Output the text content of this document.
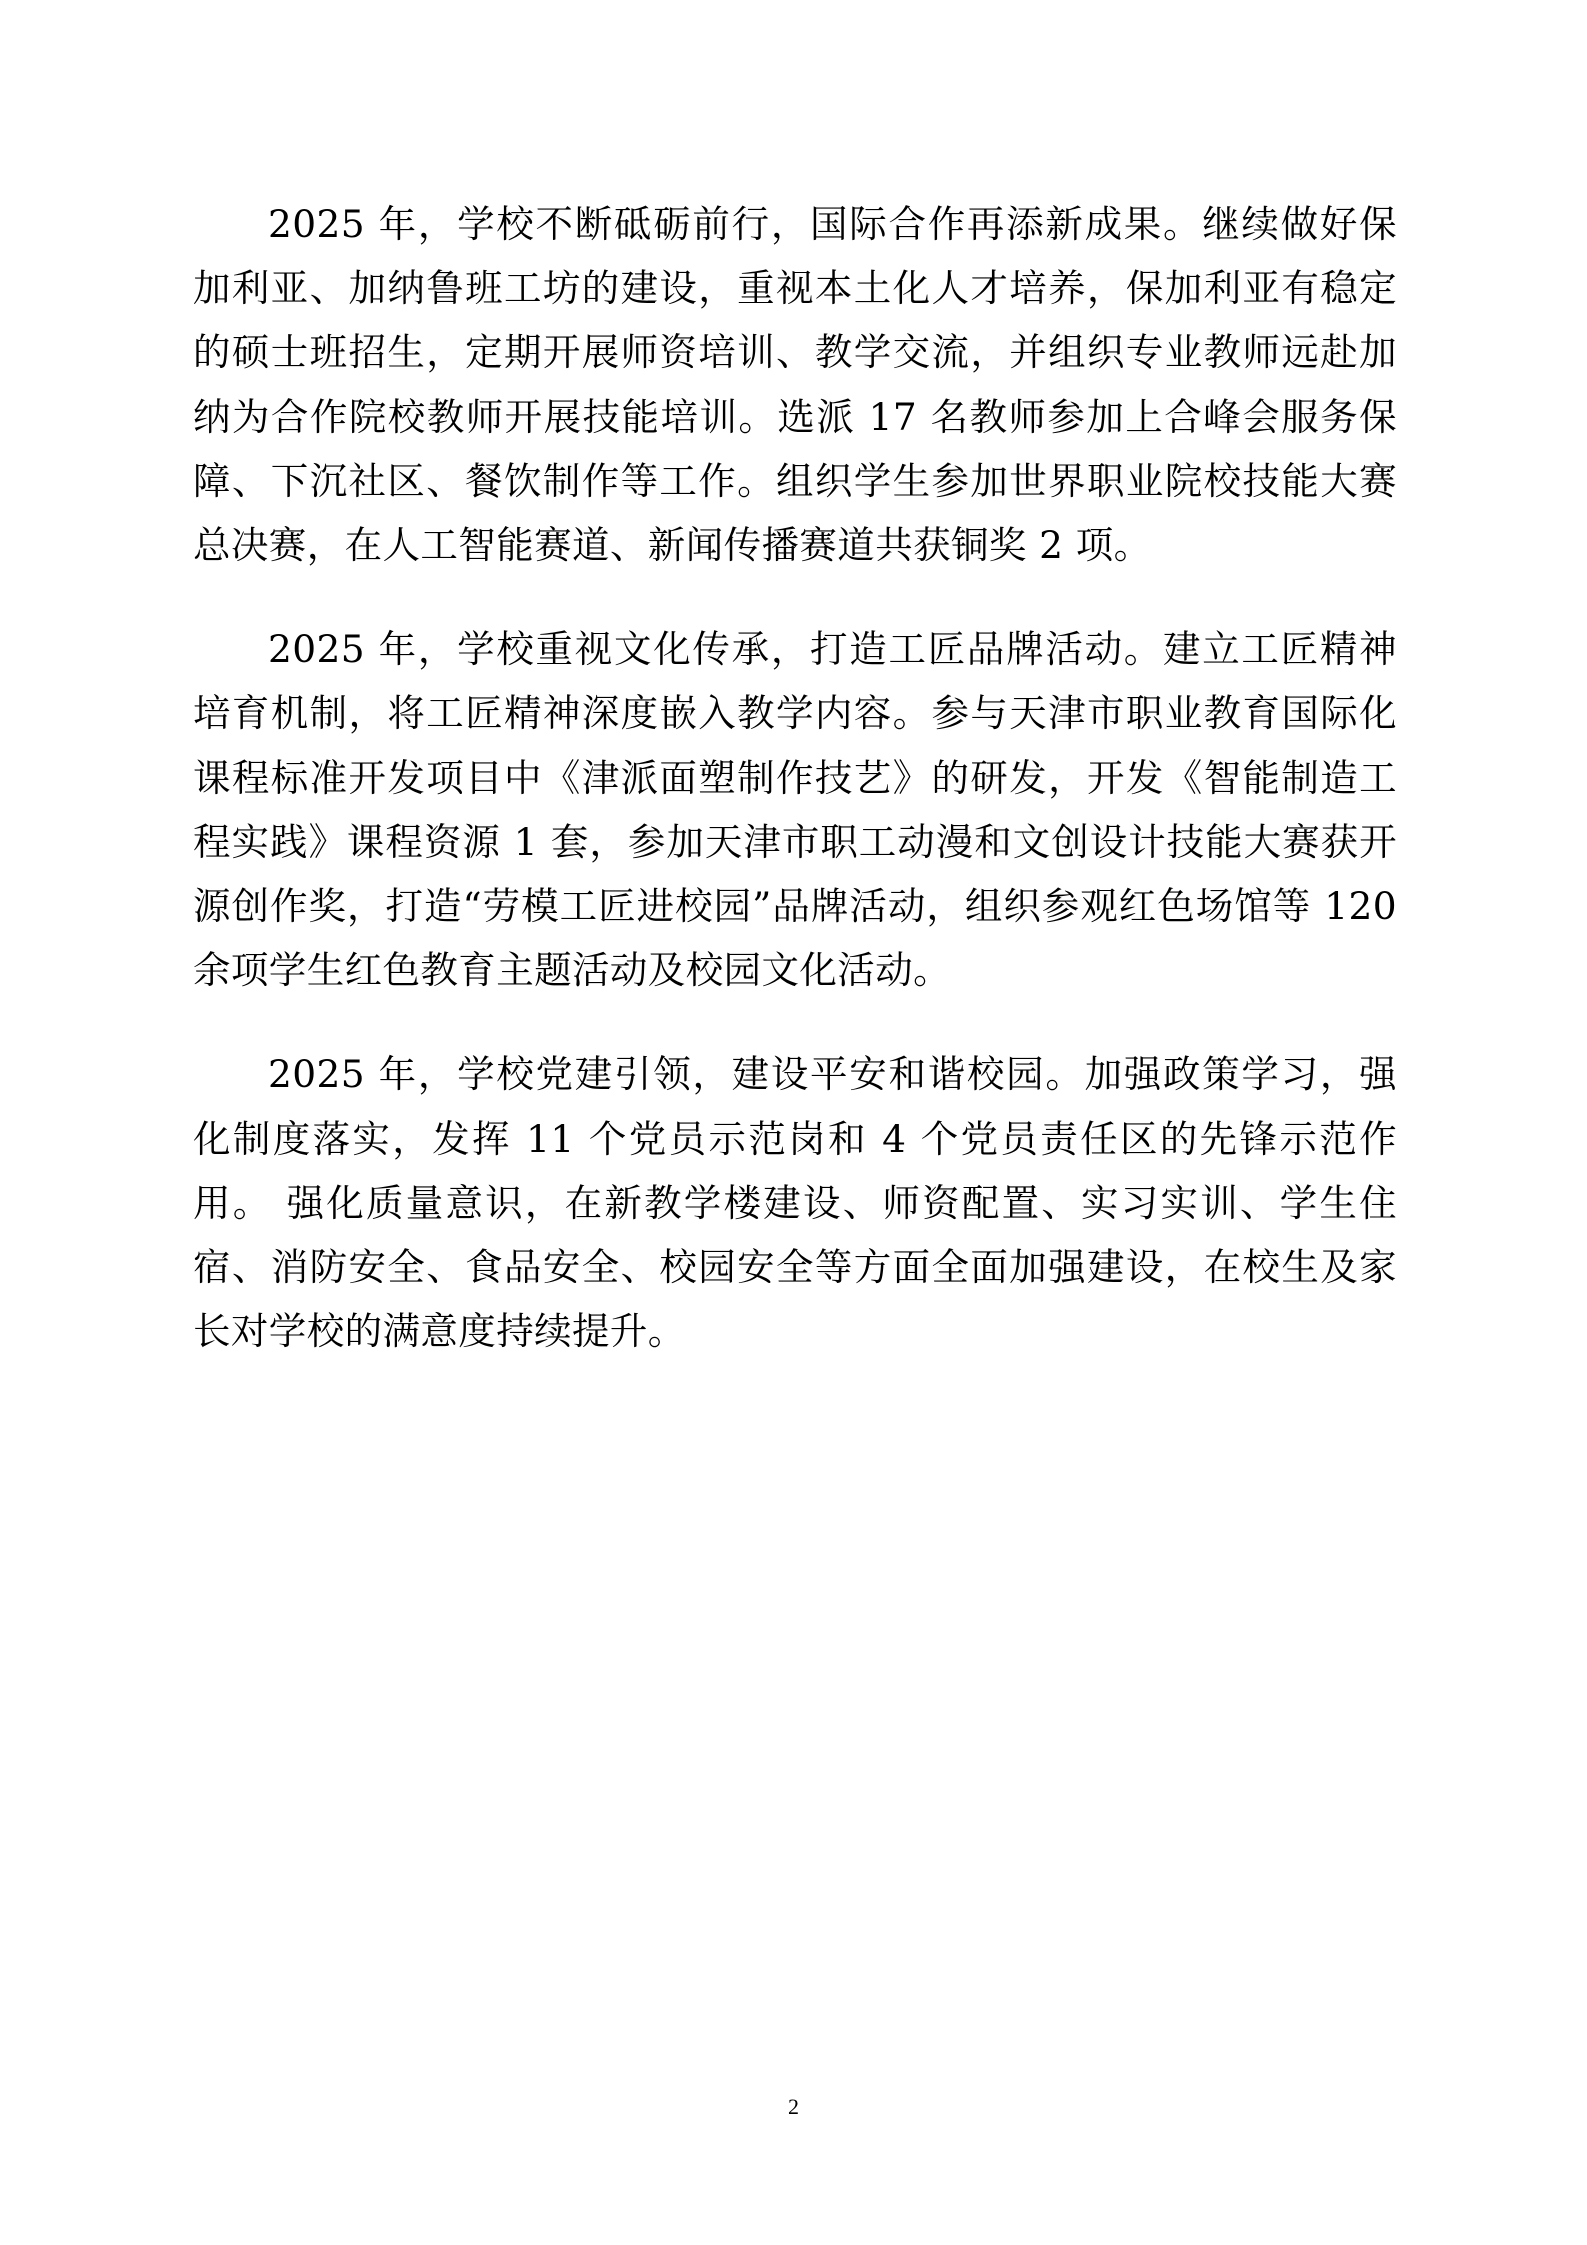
2025 年，学校不断砥砺前行，国际合作再添新成果。继续做好保加利亚、加纳鲁班工坊的建设，重视本土化人才培养，保加利亚有稳定的硕士班招生，定期开展师资培训、教学交流，并组织专业教师远赴加纳为合作院校教师开展技能培训。选派 17 名教师参加上合峰会服务保障、下沉社区、餐饮制作等工作。组织学生参加世界职业院校技能大赛总决赛，在人工智能赛道、新闻传播赛道共获铜奖 2 项。

2025 年，学校重视文化传承，打造工匠品牌活动。建立工匠精神培育机制，将工匠精神深度嵌入教学内容。参与天津市职业教育国际化课程标准开发项目中《津派面塑制作技艺》的研发，开发《智能制造工程实践》课程资源 1 套，参加天津市职工动漫和文创设计技能大赛获开源创作奖，打造“劳模工匠进校园”品牌活动，组织参观红色场馆等 120 余项学生红色教育主题活动及校园文化活动。

2025 年，学校党建引领，建设平安和谐校园。加强政策学习，强化制度落实，发挥 11 个党员示范岗和 4 个党员责任区的先锋示范作用。 强化质量意识，在新教学楼建设、师资配置、实习实训、学生住宿、消防安全、食品安全、校园安全等方面全面加强建设，在校生及家长对学校的满意度持续提升。

2
